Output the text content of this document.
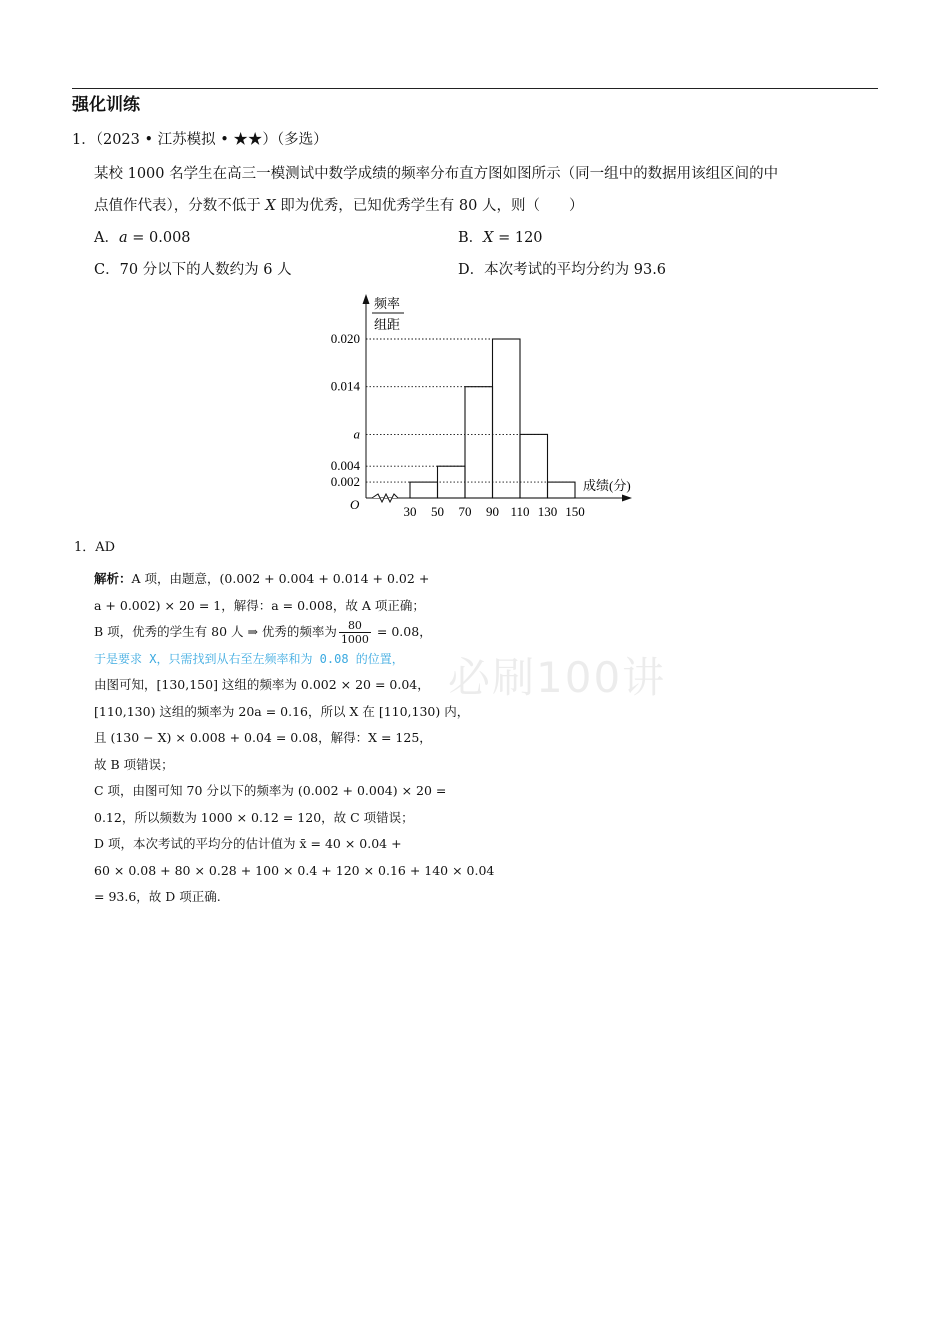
强化训练
1．（2023 • 江苏模拟 • ★★）（多选）
某校 1000 名学生在高三一模测试中数学成绩的频率分布直方图如图所示（同一组中的数据用该组区间的中
点值作代表），分数不低于 X 即为优秀，已知优秀学生有 80 人，则（　　）
A．a = 0.008	B．X = 120
C．70 分以下的人数约为 6 人	D．本次考试的平均分约为 93.6
频率
组距
成绩(分)
O
0.002
0.004
a
0.014
0.020
30 50 70 90 110 130 150
1．AD
解析：A 项，由题意，(0.002 + 0.004 + 0.014 + 0.02 +
a + 0.002) × 20 = 1，解得：a = 0.008，故 A 项正确；
B 项，优秀的学生有 80 人 ⇒ 优秀的频率为 $\frac{80}{1000} = 0.08$，
于是要求 X，只需找到从右至左频率和为 0.08 的位置，
由图可知，[130,150] 这组的频率为 0.002 × 20 = 0.04，
[110,130) 这组的频率为 20a = 0.16，所以 X 在 [110,130) 内，
且 (130 − X) × 0.008 + 0.04 = 0.08，解得：X = 125，
故 B 项错误；
C 项，由图可知 70 分以下的频率为 (0.002 + 0.004) × 20 =
0.12，所以频数为 1000 × 0.12 = 120，故 C 项错误；
D 项，本次考试的平均分的估计值为 x̄ = 40 × 0.04 +
60 × 0.08 + 80 × 0.28 + 100 × 0.4 + 120 × 0.16 + 140 × 0.04
= 93.6，故 D 项正确.
必刷100讲
